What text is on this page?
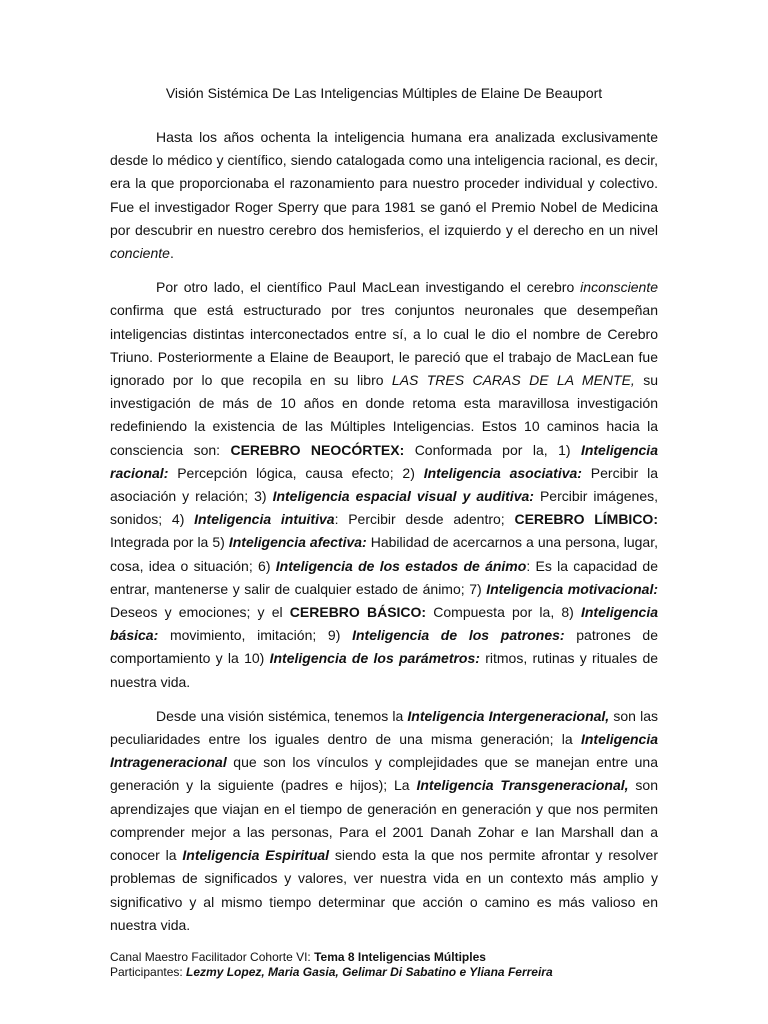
Visión Sistémica De Las Inteligencias Múltiples de Elaine De Beauport

Hasta los años ochenta la inteligencia humana era analizada exclusivamente desde lo médico y científico, siendo catalogada como una inteligencia racional, es decir, era la que proporcionaba el razonamiento para nuestro proceder individual y colectivo. Fue el investigador Roger Sperry que para 1981 se ganó el Premio Nobel de Medicina por descubrir en nuestro cerebro dos hemisferios, el izquierdo y el derecho en un nivel conciente.

Por otro lado, el científico Paul MacLean investigando el cerebro inconsciente confirma que está estructurado por tres conjuntos neuronales que desempeñan inteligencias distintas interconectados entre sí, a lo cual le dio el nombre de Cerebro Triuno. Posteriormente a Elaine de Beauport, le pareció que el trabajo de MacLean fue ignorado por lo que recopila en su libro LAS TRES CARAS DE LA MENTE, su investigación de más de 10 años en donde retoma esta maravillosa investigación redefiniendo la existencia de las Múltiples Inteligencias. Estos 10 caminos hacia la consciencia son: CEREBRO NEOCÓRTEX: Conformada por la, 1) Inteligencia racional: Percepción lógica, causa efecto; 2) Inteligencia asociativa: Percibir la asociación y relación; 3) Inteligencia espacial visual y auditiva: Percibir imágenes, sonidos; 4) Inteligencia intuitiva: Percibir desde adentro; CEREBRO LÍMBICO: Integrada por la 5) Inteligencia afectiva: Habilidad de acercarnos a una persona, lugar, cosa, idea o situación; 6) Inteligencia de los estados de ánimo: Es la capacidad de entrar, mantenerse y salir de cualquier estado de ánimo; 7) Inteligencia motivacional: Deseos y emociones; y el CEREBRO BÁSICO: Compuesta por la, 8) Inteligencia básica: movimiento, imitación; 9) Inteligencia de los patrones: patrones de comportamiento y la 10) Inteligencia de los parámetros: ritmos, rutinas y rituales de nuestra vida.

Desde una visión sistémica, tenemos la Inteligencia Intergeneracional, son las peculiaridades entre los iguales dentro de una misma generación; la Inteligencia Intrageneracional que son los vínculos y complejidades que se manejan entre una generación y la siguiente (padres e hijos); La Inteligencia Transgeneracional, son aprendizajes que viajan en el tiempo de generación en generación y que nos permiten comprender mejor a las personas, Para el 2001 Danah Zohar e Ian Marshall dan a conocer la Inteligencia Espiritual siendo esta la que nos permite afrontar y resolver problemas de significados y valores, ver nuestra vida en un contexto más amplio y significativo y al mismo tiempo determinar que acción o camino es más valioso en nuestra vida.

Canal Maestro Facilitador Cohorte VI: Tema 8 Inteligencias Múltiples
Participantes: Lezmy Lopez, Maria Gasia, Gelimar Di Sabatino e Yliana Ferreira
